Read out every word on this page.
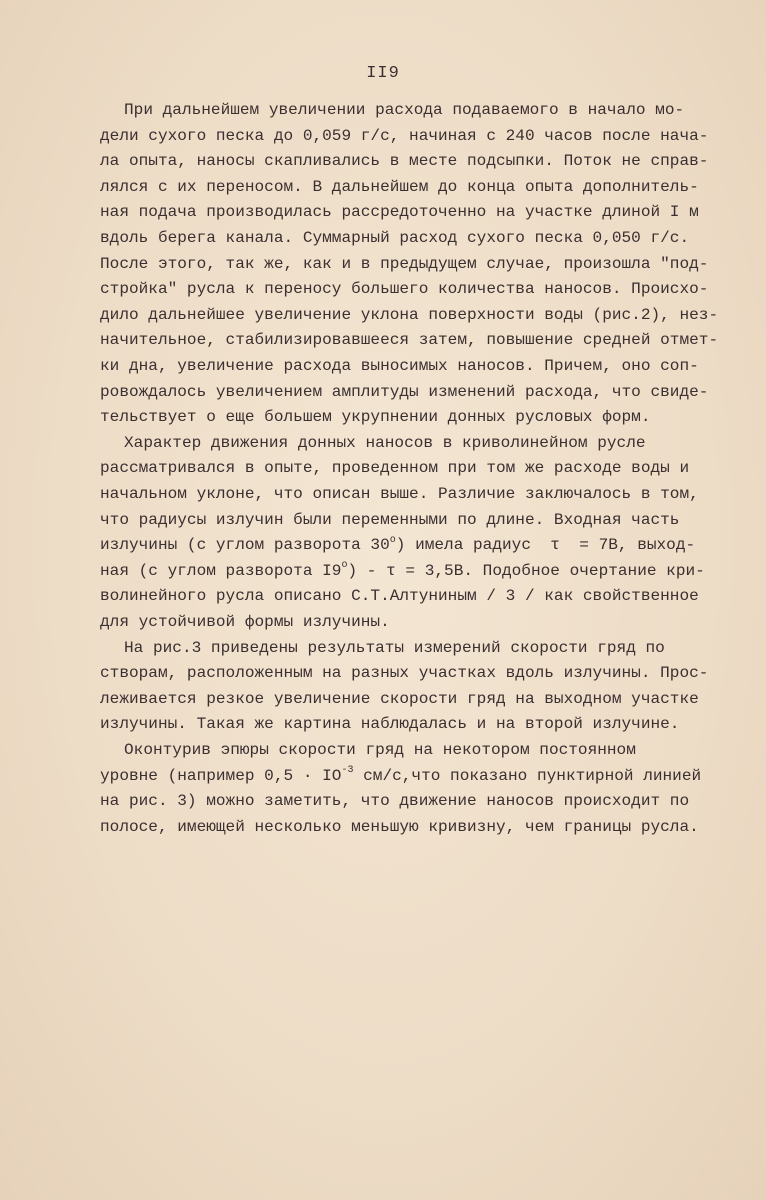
II9
При дальнейшем увеличении расхода подаваемого в начало мо-
дели сухого песка до 0,059 г/с, начиная с 240 часов после нача-
ла опыта, наносы скапливались в месте подсыпки. Поток не справ-
лялся с их переносом. В дальнейшем до конца опыта дополнитель-
ная подача производилась рассредоточенно на участке длиной I м
вдоль берега канала. Суммарный расход сухого песка 0,050 г/с.
После этого, так же, как и в предыдущем случае, произошла "под-
стройка" русла к переносу большего количества наносов. Происхо-
дило дальнейшее увеличение уклона поверхности воды (рис.2), нез-
начительное, стабилизировавшееся затем, повышение средней отмет-
ки дна, увеличение расхода выносимых наносов. Причем, оно соп-
ровождалось увеличением амплитуды изменений расхода, что свиде-
тельствует о еще большем укрупнении донных русловых форм.
Характер движения донных наносов в криволинейном русле
рассматривался в опыте, проведенном при том же расходе воды и
начальном уклоне, что описан выше. Различие заключалось в том,
что радиусы излучин были переменными по длине. Входная часть
излучины (с углом разворота 30$^o$) имела радиус  τ  = 7В, выход-
ная (с углом разворота I9$^o$) - τ = 3,5В. Подобное очертание кри-
волинейного русла описано С.Т.Алтуниным / 3 / как свойственное
для устойчивой формы излучины.
На рис.3 приведены результаты измерений скорости гряд по
створам, расположенным на разных участках вдоль излучины. Прос-
леживается резкое увеличение скорости гряд на выходном участке
излучины. Такая же картина наблюдалась и на второй излучине.
Оконтурив эпюры скорости гряд на некотором постоянном
уровне (например $0,5 \cdot IO^{-3}$ см/с,что показано пунктирной линией
на рис. 3) можно заметить, что движение наносов происходит по
полосе, имеющей несколько меньшую кривизну, чем границы русла.
